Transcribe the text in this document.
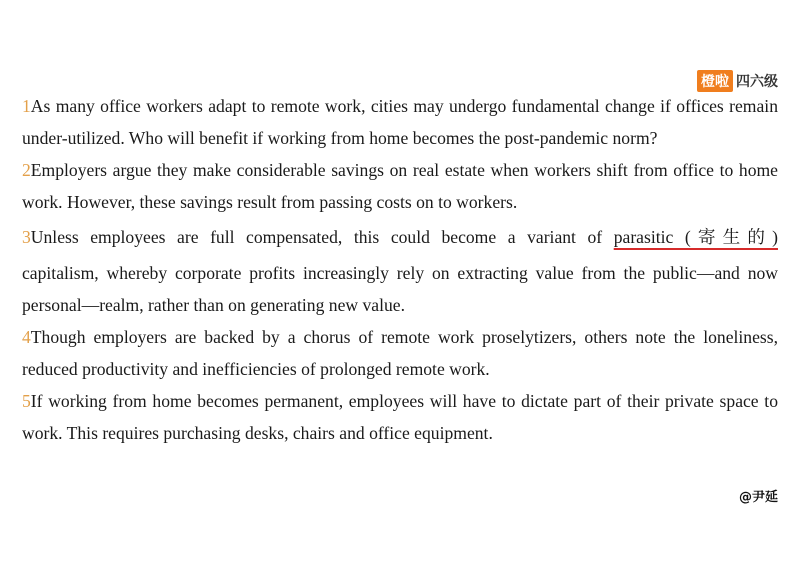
橙啦 四六级

1As many office workers adapt to remote work, cities may undergo fundamental change if offices remain under-utilized. Who will benefit if working from home becomes the post-pandemic norm?

2Employers argue they make considerable savings on real estate when workers shift from office to home work. However, these savings result from passing costs on to workers.

3Unless employees are full compensated, this could become a variant of parasitic (寄生的)

capitalism, whereby corporate profits increasingly rely on extracting value from the public—and now personal—realm, rather than on generating new value.

4Though employers are backed by a chorus of remote work proselytizers, others note the loneliness, reduced productivity and inefficiencies of prolonged remote work.

5If working from home becomes permanent, employees will have to dictate part of their private space to work. This requires purchasing desks, chairs and office equipment.

@尹延
